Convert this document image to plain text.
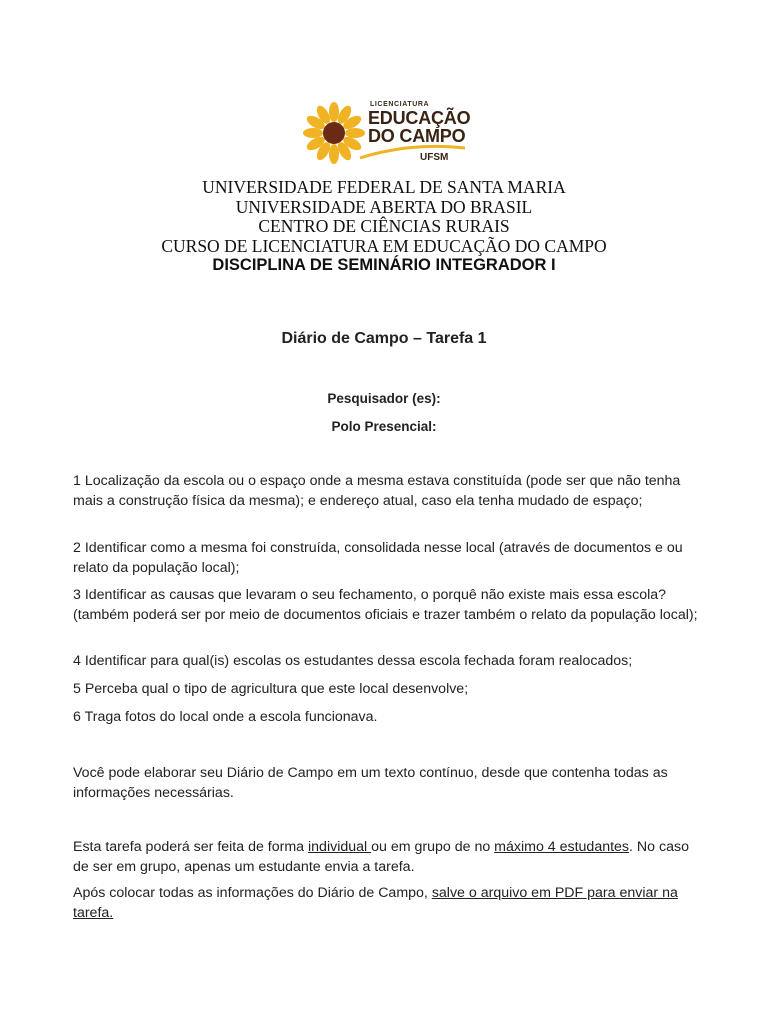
LICENCIATURA
EDUCAÇÃO
DO CAMPO
UFSM
UNIVERSIDADE FEDERAL DE SANTA MARIA
UNIVERSIDADE ABERTA DO BRASIL
CENTRO DE CIÊNCIAS RURAIS
CURSO DE LICENCIATURA EM EDUCAÇÃO DO CAMPO
DISCIPLINA DE SEMINÁRIO INTEGRADOR I
Diário de Campo – Tarefa 1
Pesquisador (es):
Polo Presencial:
1 Localização da escola ou o espaço onde a mesma estava constituída (pode ser que não tenha mais a construção física da mesma); e endereço atual, caso ela tenha mudado de espaço;
2 Identificar como a mesma foi construída, consolidada nesse local (através de documentos e ou relato da população local);
3 Identificar as causas que levaram o seu fechamento, o porquê não existe mais essa escola? (também poderá ser por meio de documentos oficiais e trazer também o relato da população local);
4 Identificar para qual(is) escolas os estudantes dessa escola fechada foram realocados;
5 Perceba qual o tipo de agricultura que este local desenvolve;
6 Traga fotos do local onde a escola funcionava.
Você pode elaborar seu Diário de Campo em um texto contínuo, desde que contenha todas as informações necessárias.
Esta tarefa poderá ser feita de forma individual ou em grupo de no máximo 4 estudantes. No caso de ser em grupo, apenas um estudante envia a tarefa.
Após colocar todas as informações do Diário de Campo, salve o arquivo em PDF para enviar na tarefa.
